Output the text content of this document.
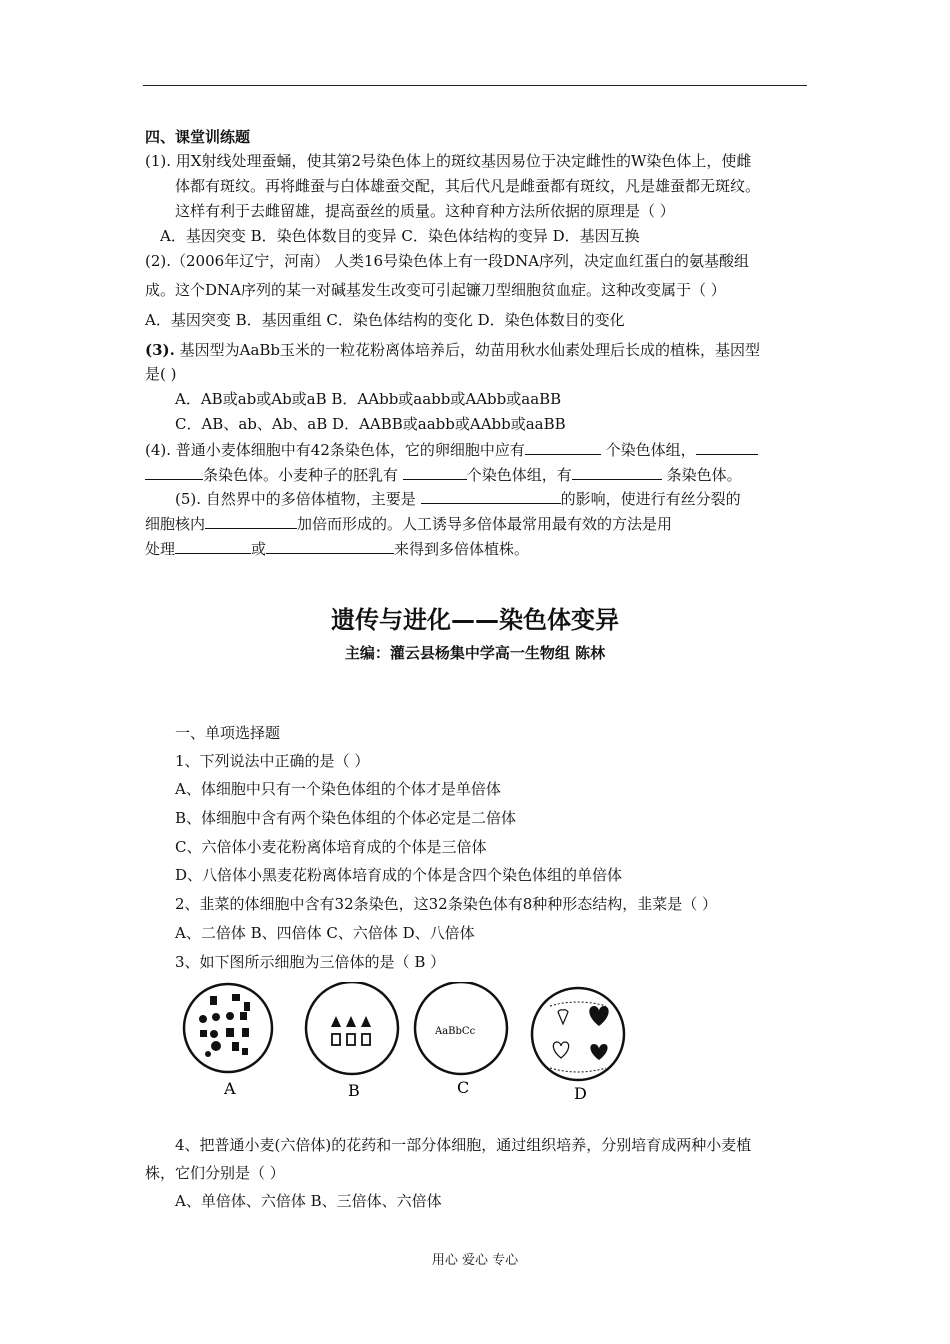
四、课堂训练题
(1). 用X射线处理蚕蛹，使其第2号染色体上的斑纹基因易位于决定雌性的W染色体上，使雌
体都有斑纹。再将雌蚕与白体雄蚕交配，其后代凡是雌蚕都有斑纹，凡是雄蚕都无斑纹。
这样有利于去雌留雄，提高蚕丝的质量。这种育种方法所依据的原理是（ ）
A．基因突变 B．染色体数目的变异 C．染色体结构的变异 D．基因互换
(2).（2006年辽宁，河南） 人类16号染色体上有一段DNA序列，决定血红蛋白的氨基酸组
成。这个DNA序列的某一对碱基发生改变可引起镰刀型细胞贫血症。这种改变属于（ ）
A．基因突变 B．基因重组 C．染色体结构的变化 D．染色体数目的变化
(3). 基因型为AaBb玉米的一粒花粉离体培养后，幼苗用秋水仙素处理后长成的植株，基因型
是( )
A．AB或ab或Ab或aB B．AAbb或aabb或AAbb或aaBB
C．AB、ab、Ab、aB D．AABB或aabb或AAbb或aaBB
(4). 普通小麦体细胞中有42条染色体，它的卵细胞中应有	个染色体组，
条染色体。小麦种子的胚乳有	个染色体组，有	条染色体。
(5). 自然界中的多倍体植物，主要是	的影响，使进行有丝分裂的
细胞核内	加倍而形成的。人工诱导多倍体最常用最有效的方法是用
处理	或	来得到多倍体植株。
遗传与进化——染色体变异
主编：灌云县杨集中学高一生物组 陈林
一、单项选择题
1、下列说法中正确的是（ ）
A、体细胞中只有一个染色体组的个体才是单倍体
B、体细胞中含有两个染色体组的个体必定是二倍体
C、六倍体小麦花粉离体培育成的个体是三倍体
D、八倍体小黑麦花粉离体培育成的个体是含四个染色体组的单倍体
2、韭菜的体细胞中含有32条染色，这32条染色体有8种种形态结构，韭菜是（ ）
A、二倍体 B、四倍体 C、六倍体 D、八倍体
3、如下图所示细胞为三倍体的是（ B ）
A	B
AaBbCc
C	D
4、把普通小麦(六倍体)的花药和一部分体细胞，通过组织培养，分别培育成两种小麦植
株，它们分别是（ ）
A、单倍体、六倍体 B、三倍体、六倍体
用心 爱心 专心
